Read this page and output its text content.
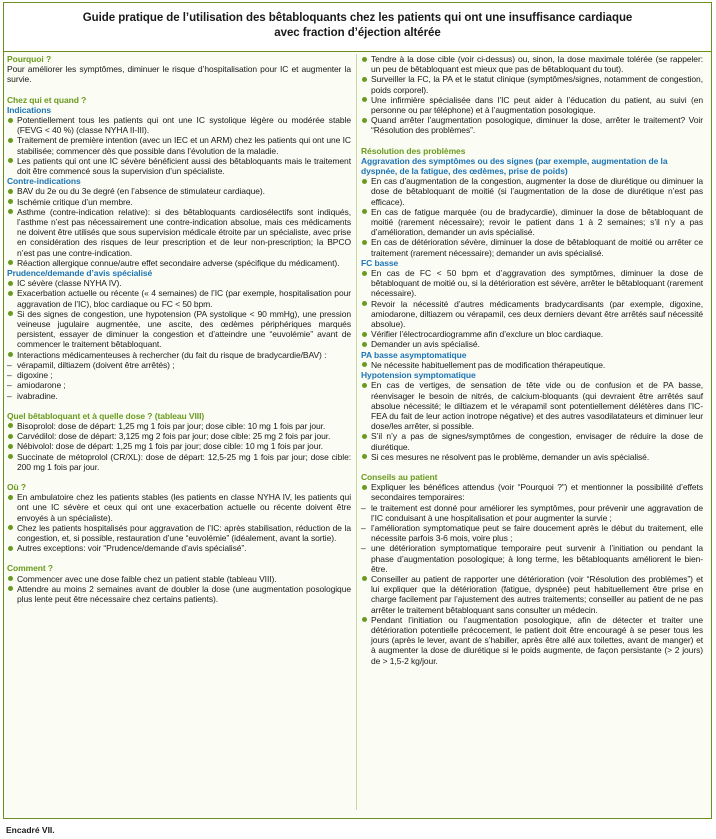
Guide pratique de l’utilisation des bêtabloquants chez les patients qui ont une insuffisance cardiaque
avec fraction d’éjection altérée
Pourquoi ?
Pour améliorer les symptômes, diminuer le risque d’hospitalisation pour IC et augmenter la survie.
Chez qui et quand ?
Indications
Potentiellement tous les patients qui ont une IC systolique légère ou modérée stable (FEVG < 40 %) (classe NYHA II-III).
Traitement de première intention (avec un IEC et un ARM) chez les patients qui ont une IC stabilisée; commencer dès que possible dans l’évolution de la maladie.
Les patients qui ont une IC sévère bénéficient aussi des bêtabloquants mais le traitement doit être commencé sous la supervision d’un spécialiste.
Contre-indications
BAV du 2e ou du 3e degré (en l’absence de stimulateur cardiaque).
Ischémie critique d’un membre.
Asthme (contre-indication relative): si des bêtabloquants cardiosélectifs sont indiqués, l’asthme n’est pas nécessairement une contre-indication absolue, mais ces médicaments ne doivent être utilisés que sous supervision médicale étroite par un spécialiste, avec prise en considération des risques de leur prescription et de leur non-prescription; la BPCO n’est pas une contre-indication.
Réaction allergique connue/autre effet secondaire adverse (spécifique du médicament).
Prudence/demande d’avis spécialisé
IC sévère (classe NYHA IV).
Exacerbation actuelle ou récente (« 4 semaines) de l’IC (par exemple, hospitalisation pour aggravation de l’IC), bloc cardiaque ou FC < 50 bpm.
Si des signes de congestion, une hypotension (PA systolique < 90 mmHg), une pression veineuse jugulaire augmentée, une ascite, des œdèmes périphériques marqués persistent, essayer de diminuer la congestion et d’atteindre une “euvolémie” avant de commencer le traitement bêtabloquant.
Interactions médicamenteuses à rechercher (du fait du risque de bradycardie/BAV) :
– vérapamil, diltiazem (doivent être arrêtés) ;
– digoxine ;
– amiodarone ;
– ivabradine.
Quel bêtabloquant et à quelle dose ? (tableau VIII)
Bisoprolol: dose de départ: 1,25 mg 1 fois par jour; dose cible: 10 mg 1 fois par jour.
Carvédilol: dose de départ: 3,125 mg 2 fois par jour; dose cible: 25 mg 2 fois par jour.
Nébivolol: dose de départ: 1,25 mg 1 fois par jour; dose cible: 10 mg 1 fois par jour.
Succinate de métoprolol (CR/XL): dose de départ: 12,5-25 mg 1 fois par jour; dose cible: 200 mg 1 fois par jour.
Où ?
En ambulatoire chez les patients stables (les patients en classe NYHA IV, les patients qui ont une IC sévère et ceux qui ont une exacerbation actuelle ou récente doivent être envoyés à un spécialiste).
Chez les patients hospitalisés pour aggravation de l’IC: après stabilisation, réduction de la congestion, et, si possible, restauration d’une “euvolémie” (idéalement, avant la sortie).
Autres exceptions: voir “Prudence/demande d’avis spécialisé”.
Comment ?
Commencer avec une dose faible chez un patient stable (tableau VIII).
Attendre au moins 2 semaines avant de doubler la dose (une augmentation posologique plus lente peut être nécessaire chez certains patients).
Tendre à la dose cible (voir ci-dessus) ou, sinon, la dose maximale tolérée (se rappeler: un peu de bêtabloquant est mieux que pas de bêtabloquant du tout).
Surveiller la FC, la PA et le statut clinique (symptômes/signes, notamment de congestion, poids corporel).
Une infirmière spécialisée dans l’IC peut aider à l’éducation du patient, au suivi (en personne ou par téléphone) et à l’augmentation posologique.
Quand arrêter l’augmentation posologique, diminuer la dose, arrêter le traitement? Voir “Résolution des problèmes”.
Résolution des problèmes
Aggravation des symptômes ou des signes (par exemple, augmentation de la dyspnée, de la fatigue, des œdèmes, prise de poids)
En cas d’augmentation de la congestion, augmenter la dose de diurétique ou diminuer la dose de bêtabloquant de moitié (si l’augmentation de la dose de diurétique n’est pas efficace).
En cas de fatigue marquée (ou de bradycardie), diminuer la dose de bêtabloquant de moitié (rarement nécessaire); revoir le patient dans 1 à 2 semaines; s’il n’y a pas d’amélioration, demander un avis spécialisé.
En cas de détérioration sévère, diminuer la dose de bêtabloquant de moitié ou arrêter ce traitement (rarement nécessaire); demander un avis spécialisé.
FC basse
En cas de FC < 50 bpm et d’aggravation des symptômes, diminuer la dose de bêtabloquant de moitié ou, si la détérioration est sévère, arrêter le bêtabloquant (rarement nécessaire).
Revoir la nécessité d’autres médicaments bradycardisants (par exemple, digoxine, amiodarone, diltiazem ou vérapamil, ces deux derniers devant être arrêtés sauf nécessité absolue).
Vérifier l’électrocardiogramme afin d’exclure un bloc cardiaque.
Demander un avis spécialisé.
PA basse asymptomatique
Ne nécessite habituellement pas de modification thérapeutique.
Hypotension symptomatique
En cas de vertiges, de sensation de tête vide ou de confusion et de PA basse, réenvisager le besoin de nitrés, de calcium-bloquants (qui devraient être arrêtés sauf absolue nécessité; le diltiazem et le vérapamil sont potentiellement délétères dans l’IC-FEA du fait de leur action inotrope négative) et des autres vasodilatateurs et diminuer leur dose/les arrêter, si possible.
S’il n’y a pas de signes/symptômes de congestion, envisager de réduire la dose de diurétique.
Si ces mesures ne résolvent pas le problème, demander un avis spécialisé.
Conseils au patient
Expliquer les bénéfices attendus (voir “Pourquoi ?”) et mentionner la possibilité d’effets secondaires temporaires:
– le traitement est donné pour améliorer les symptômes, pour prévenir une aggravation de l’IC conduisant à une hospitalisation et pour augmenter la survie ;
– l’amélioration symptomatique peut se faire doucement après le début du traitement, elle nécessite parfois 3-6 mois, voire plus ;
– une détérioration symptomatique temporaire peut survenir à l’initiation ou pendant la phase d’augmentation posologique; à long terme, les bêtabloquants améliorent le bien-être.
Conseiller au patient de rapporter une détérioration (voir “Résolution des problèmes”) et lui expliquer que la détérioration (fatigue, dyspnée) peut habituellement être prise en charge facilement par l’ajustement des autres traitements; conseiller au patient de ne pas arrêter le traitement bêtabloquant sans consulter un médecin.
Pendant l’initiation ou l’augmentation posologique, afin de détecter et traiter une détérioration potentielle précocement, le patient doit être encouragé à se peser tous les jours (après le lever, avant de s’habiller, après être allé aux toilettes, avant de manger) et à augmenter la dose de diurétique si le poids augmente, de façon persistante (> 2 jours) de > 1,5-2 kg/jour.
Encadré VII.
